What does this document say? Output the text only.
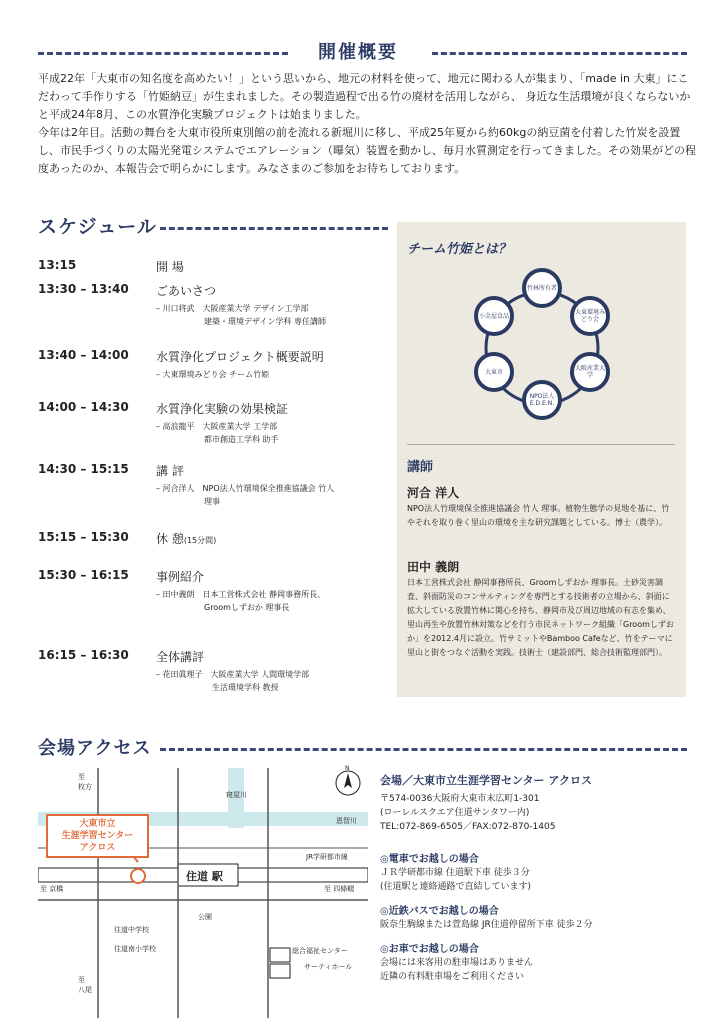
開催概要
平成22年「大東市の知名度を高めたい！」という思いから、地元の材料を使って、地元に関わる人が集まり、「made in 大東」にこだわって手作りする「竹姫納豆」が生まれました。その製造過程で出る竹の廃材を活用しながら、 身近な生活環境が良くならないかと平成24年8月、この水質浄化実験プロジェクトは始まりました。
今年は2年目。活動の舞台を大東市役所東別館の前を流れる新堀川に移し、平成25年夏から約60kgの納豆菌を付着した竹炭を設置し、市民手づくりの太陽光発電システムでエアレーション（曝気）装置を動かし、毎月水質測定を行ってきました。その効果がどの程度あったのか、本報告会で明らかにします。みなさまのご参加をお待ちしております。
スケジュール
13:15	開 場
13:30 – 13:40 ごあいさつ
– 川口将武　大阪産業大学 デザイン工学部
　　　　　　建築・環境デザイン学科 専任講師
13:40 – 14:00 水質浄化プロジェクト概要説明
– 大東環境みどり会 チーム竹姫
14:00 – 14:30 水質浄化実験の効果検証
– 高浪龍平　大阪産業大学 工学部
　　　　　　都市創造工学科 助手
14:30 – 15:15 講 評
– 河合洋人　NPO法人竹環境保全推進協議会 竹人
　　　　　　理事
15:15 – 15:30 休 憩(15分間)
15:30 – 16:15 事例紹介
– 田中義朗　日本工営株式会社 静岡事務所長、
　　　　　　Groomしずおか 理事長
16:15 – 16:30 全体講評
– 花田眞理子　大阪産業大学 人間環境学部
　　　　　　　生活環境学科 教授
チーム竹姫とは？
竹林所有者
大東環境みどり会
大阪産業大学
NPO法人 E.D.E.N.
大東市
小金屋食品
講師
河合 洋人
NPO法人竹環境保全推進協議会 竹人 理事。植物生態学の見地を基に、竹やそれを取り巻く里山の環境を主な研究課題としている。博士（農学）。
田中 義朗
日本工営株式会社 静岡事務所長、Groomしずおか 理事長。土砂災害調査、斜面防災のコンサルティングを専門とする技術者の立場から、斜面に拡大している放置竹林に関心を持ち、静岡市及び周辺地域の有志を集め、里山再生や放置竹林対策などを行う市民ネットワーク組織「Groomしずおか」を2012.4月に設立。竹サミットやBamboo Cafeなど、竹をテーマに里山と街をつなぐ活動を実践。技術士（建設部門、総合技術監理部門）。
会場アクセス
大東市立
生涯学習センター
アクロス
住道 駅
至
枚方
至 京橋
至
八尾
至 四條畷
寝屋川
恩智川
JR学研都市線
公園
住道中学校
住道南小学校	総合福祉センター
サーティホール
N
会場／大東市立生涯学習センター アクロス
〒574-0036大阪府大東市末広町1-301
(ローレルスクエア住道サンタワー内)
TEL:072-869-6505／FAX:072-870-1405
◎電車でお越しの場合
ＪＲ学研都市線 住道駅下車 徒歩３分
(住道駅と連絡通路で直結しています)
◎近鉄バスでお越しの場合
阪奈生駒線または萱島線 JR住道停留所下車 徒歩２分
◎お車でお越しの場合
会場には来客用の駐車場はありません
近隣の有料駐車場をご利用ください
